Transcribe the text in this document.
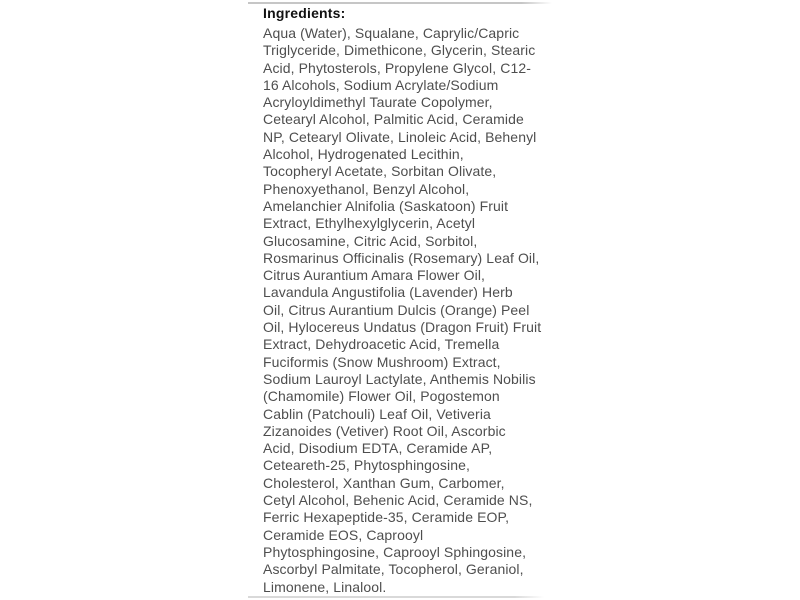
Ingredients:
Aqua (Water), Squalane, Caprylic/Capric
Triglyceride, Dimethicone, Glycerin, Stearic
Acid, Phytosterols, Propylene Glycol, C12-
16 Alcohols, Sodium Acrylate/Sodium
Acryloyldimethyl Taurate Copolymer,
Cetearyl Alcohol, Palmitic Acid, Ceramide
NP, Cetearyl Olivate, Linoleic Acid, Behenyl
Alcohol, Hydrogenated Lecithin,
Tocopheryl Acetate, Sorbitan Olivate,
Phenoxyethanol, Benzyl Alcohol,
Amelanchier Alnifolia (Saskatoon) Fruit
Extract, Ethylhexylglycerin, Acetyl
Glucosamine, Citric Acid, Sorbitol,
Rosmarinus Officinalis (Rosemary) Leaf Oil,
Citrus Aurantium Amara Flower Oil,
Lavandula Angustifolia (Lavender) Herb
Oil, Citrus Aurantium Dulcis (Orange) Peel
Oil, Hylocereus Undatus (Dragon Fruit) Fruit
Extract, Dehydroacetic Acid, Tremella
Fuciformis (Snow Mushroom) Extract,
Sodium Lauroyl Lactylate, Anthemis Nobilis
(Chamomile) Flower Oil, Pogostemon
Cablin (Patchouli) Leaf Oil, Vetiveria
Zizanoides (Vetiver) Root Oil, Ascorbic
Acid, Disodium EDTA, Ceramide AP,
Ceteareth-25, Phytosphingosine,
Cholesterol, Xanthan Gum, Carbomer,
Cetyl Alcohol, Behenic Acid, Ceramide NS,
Ferric Hexapeptide-35, Ceramide EOP,
Ceramide EOS, Caprooyl
Phytosphingosine, Caprooyl Sphingosine,
Ascorbyl Palmitate, Tocopherol, Geraniol,
Limonene, Linalool.
